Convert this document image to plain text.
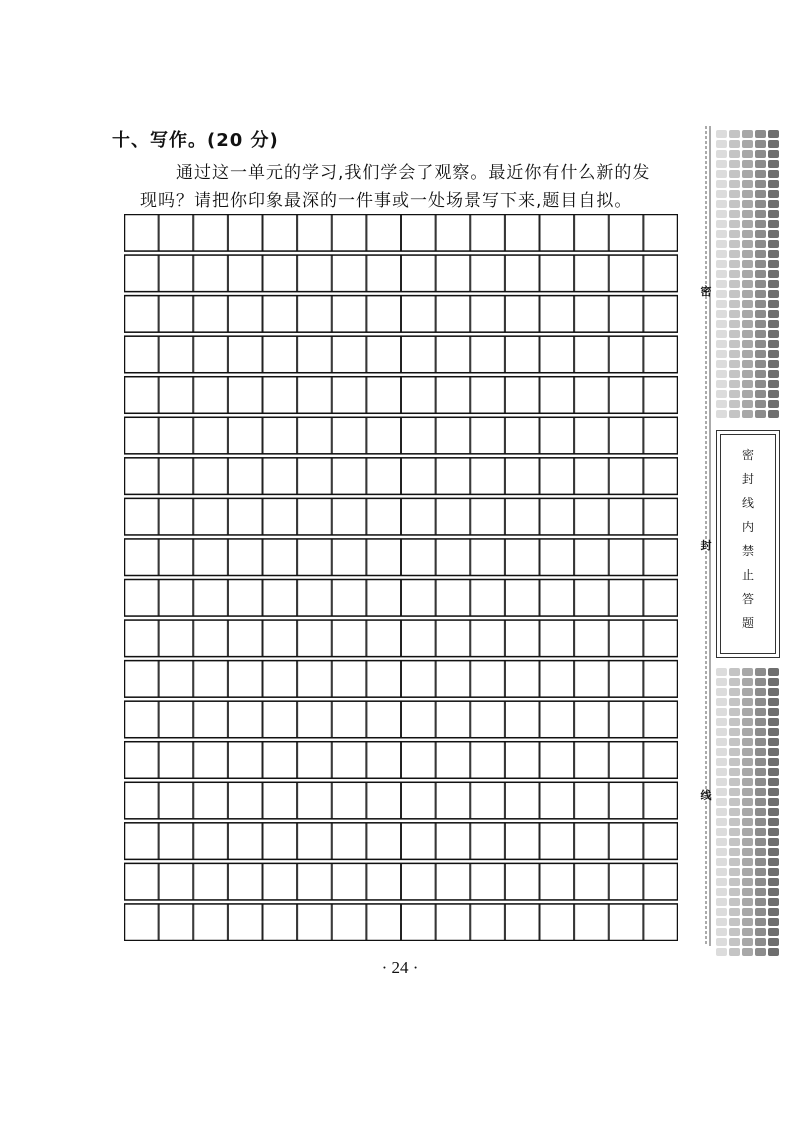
十、写作。(20 分)
通过这一单元的学习,我们学会了观察。最近你有什么新的发
现吗？请把你印象最深的一件事或一处场景写下来,题目自拟。
· 24 ·
密
封
线
内
禁
止
答
题
密
封
线
